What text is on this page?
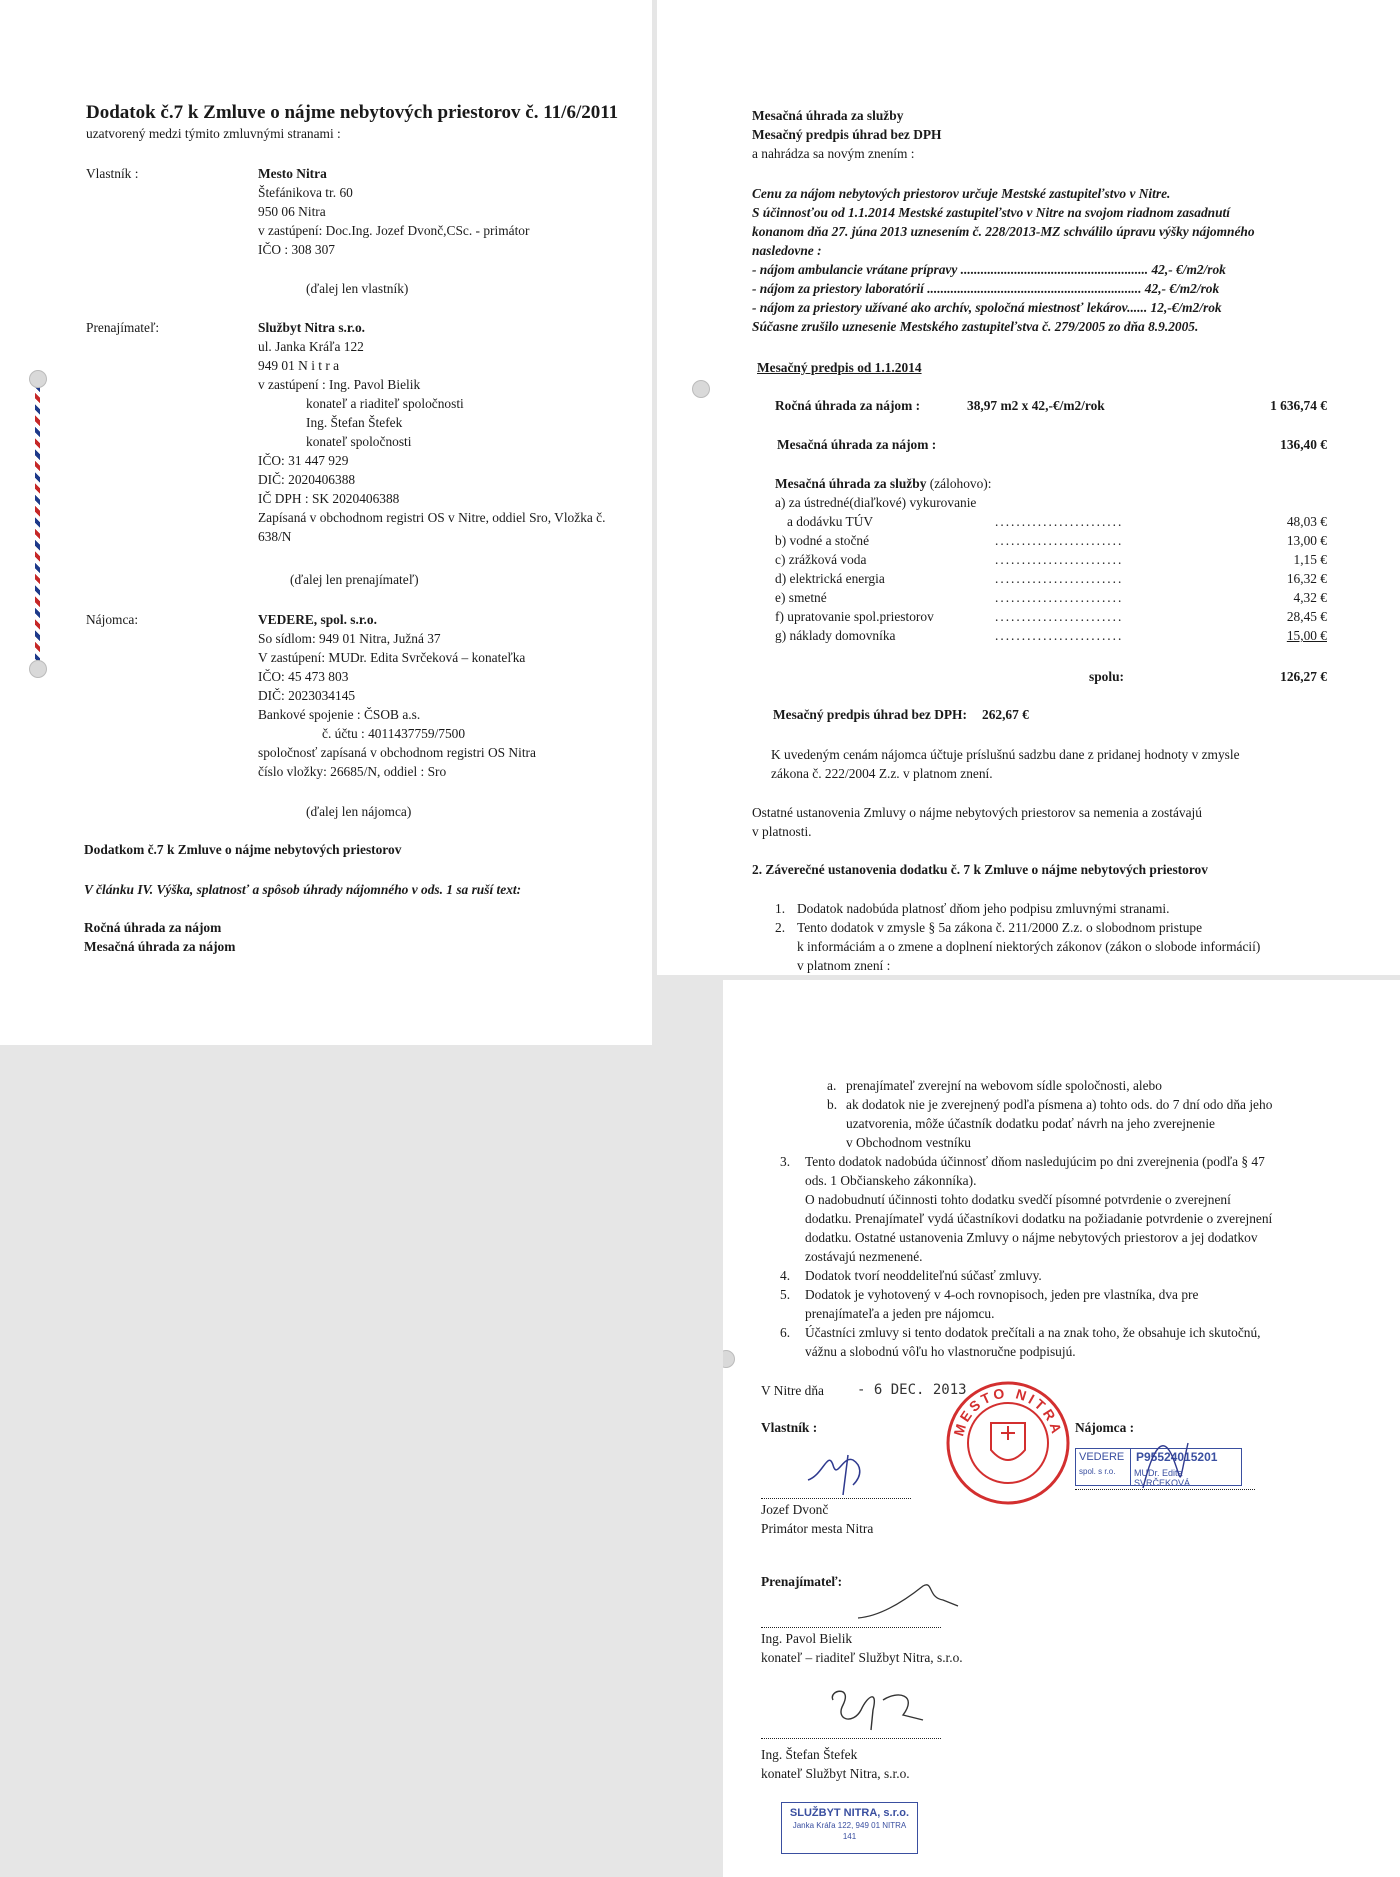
Dodatok č.7 k Zmluve o nájme nebytových priestorov č. 11/6/2011
uzatvorený medzi týmito zmluvnými stranami :
Vlastník :	Mesto Nitra
Štefánikova tr. 60
950 06 Nitra
v zastúpení: Doc.Ing. Jozef Dvonč,CSc. - primátor
IČO : 308 307
(ďalej len vlastník)
Prenajímateľ:	Službyt Nitra s.r.o.
ul. Janka Kráľa 122
949 01 N i t r a
v zastúpení : Ing. Pavol Bielik
konateľ a riaditeľ spoločnosti
Ing. Štefan Štefek
konateľ spoločnosti
IČO: 31 447 929
DIČ: 2020406388
IČ DPH : SK 2020406388
Zapísaná v obchodnom registri OS v Nitre, oddiel Sro, Vložka č.
638/N
(ďalej len prenajímateľ)
Nájomca:	VEDERE, spol. s.r.o.
So sídlom: 949 01 Nitra, Južná 37
V zastúpení: MUDr. Edita Svrčeková – konateľka
IČO: 45 473 803
DIČ: 2023034145
Bankové spojenie : ČSOB a.s.
č. účtu : 4011437759/7500
spoločnosť zapísaná v obchodnom registri OS Nitra
číslo vložky: 26685/N, oddiel : Sro
(ďalej len nájomca)
Dodatkom č.7 k Zmluve o nájme nebytových priestorov
V článku IV. Výška, splatnosť a spôsob úhrady nájomného v ods. 1 sa ruší text:
Ročná úhrada za nájom
Mesačná úhrada za nájom
Mesačná úhrada za služby
Mesačný predpis úhrad bez DPH
a nahrádza sa novým znením :
Cenu za nájom nebytových priestorov určuje Mestské zastupiteľstvo v Nitre.
S účinnosťou od 1.1.2014 Mestské zastupiteľstvo v Nitre na svojom riadnom zasadnutí
konanom dňa 27. júna 2013 uznesením č. 228/2013-MZ schválilo úpravu výšky nájomného
nasledovne :
- nájom ambulancie vrátane prípravy ........................................................ 42,- €/m2/rok
- nájom za priestory laboratórií ................................................................ 42,- €/m2/rok
- nájom za priestory užívané ako archív, spoločná miestnosť lekárov...... 12,-€/m2/rok
Súčasne zrušilo uznesenie Mestského zastupiteľstva č. 279/2005 zo dňa 8.9.2005.
Mesačný predpis od 1.1.2014
Ročná úhrada za nájom :	38,97 m2 x 42,-€/m2/rok	1 636,74 €
Mesačná úhrada za nájom :	136,40 €
Mesačná úhrada za služby (zálohovo):
a) za ústredné(diaľkové) vykurovanie
a dodávku TÚV	........................	48,03 €
b) vodné a stočné	........................	13,00 €
c) zrážková voda	........................	1,15 €
d) elektrická energia	........................	16,32 €
e) smetné	........................	4,32 €
f) upratovanie spol.priestorov	........................	28,45 €
g) náklady domovníka	........................	15,00 €
spolu:	126,27 €
Mesačný predpis úhrad bez DPH: 262,67 €
K uvedeným cenám nájomca účtuje príslušnú sadzbu dane z pridanej hodnoty v zmysle
zákona č. 222/2004 Z.z. v platnom znení.
Ostatné ustanovenia Zmluvy o nájme nebytových priestorov sa nemenia a zostávajú
v platnosti.
2. Záverečné ustanovenia dodatku č. 7 k Zmluve o nájme nebytových priestorov
1. Dodatok nadobúda platnosť dňom jeho podpisu zmluvnými stranami.
2. Tento dodatok v zmysle § 5a zákona č. 211/2000 Z.z. o slobodnom pristupe
k informáciám a o zmene a doplnení niektorých zákonov (zákon o slobode informácií)
v platnom znení :
a. prenajímateľ zverejní na webovom sídle spoločnosti, alebo
b. ak dodatok nie je zverejnený podľa písmena a) tohto ods. do 7 dní odo dňa jeho
uzatvorenia, môže účastník dodatku podať návrh na jeho zverejnenie
v Obchodnom vestníku
3. Tento dodatok nadobúda účinnosť dňom nasledujúcim po dni zverejnenia (podľa § 47
ods. 1 Občianskeho zákonníka).
O nadobudnutí účinnosti tohto dodatku svedčí písomné potvrdenie o zverejnení
dodatku. Prenajímateľ vydá účastníkovi dodatku na požiadanie potvrdenie o zverejnení
dodatku. Ostatné ustanovenia Zmluvy o nájme nebytových priestorov a jej dodatkov
zostávajú nezmenené.
4. Dodatok tvorí neoddeliteľnú súčasť zmluvy.
5. Dodatok je vyhotovený v 4-och rovnopisoch, jeden pre vlastníka, dva pre
prenajímateľa a jeden pre nájomcu.
6. Účastníci zmluvy si tento dodatok prečítali a na znak toho, že obsahuje ich skutočnú,
vážnu a slobodnú vôľu ho vlastnoručne podpisujú.
V Nitre dňa - 6 DEC. 2013
Vlastník :	Nájomca :
MESTO NITRA
VEDERE
spol. s r.o.
P95524015201
MUDr. Edita SVRČEKOVÁ
Jozef Dvonč
Primátor mesta Nitra
Prenajímateľ:
Ing. Pavol Bielik
konateľ – riaditeľ Službyt Nitra, s.r.o.
Ing. Štefan Štefek
konateľ Službyt Nitra, s.r.o.
SLUŽBYT NITRA, s.r.o.
Janka Kráľa 122, 949 01 NITRA
141
